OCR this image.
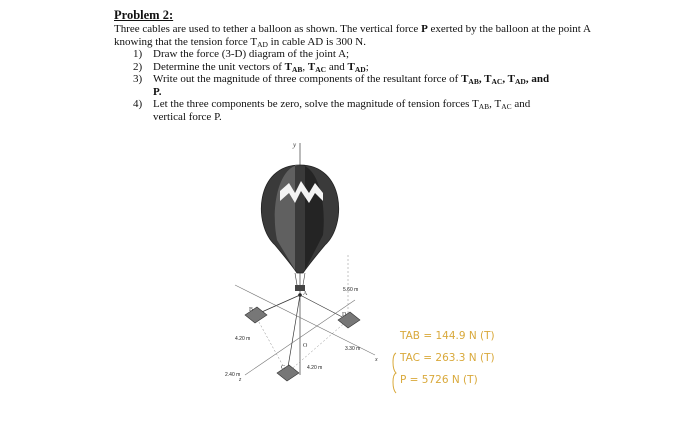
Problem 2:
Three cables are used to tether a balloon as shown. The vertical force P exerted by the balloon at the point A knowing that the tension force $T_{AD}$ in cable AD is 300 N.
1) Draw the force (3-D) diagram of the joint A;
2) Determine the unit vectors of $T_{AB}$, $T_{AC}$ and $T_{AD}$;
3) Write out the magnitude of three components of the resultant force of $T_{AB}$, $T_{AC}$, $T_{AD}$, and
P.
4) Let the three components be zero, solve the magnitude of tension forces $T_{AB}$, $T_{AC}$ and
vertical force P.
y
A
B
D
C
O
z
x
5.60 m
4.20 m
3.30 m
2.40 m
4.20 m
TAB = 144.9 N (T)
TAC = 263.3 N (T)
P = 5726 N (T)
